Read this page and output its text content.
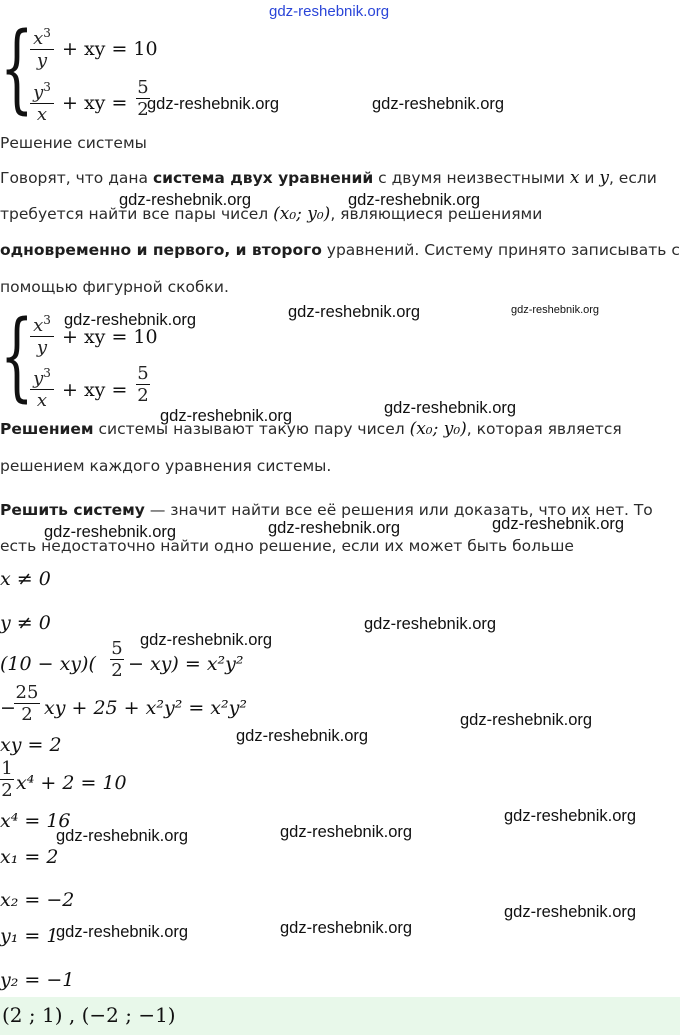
gdz-reshebnik.org
{ $x^3$
y
+ xy = 10
$y^3$
x
+ xy =
5
2
gdz-reshebnik.org	gdz-reshebnik.org
Решение системы
Говорят, что дана система двух уравнений с двумя неизвестными x и y, если
gdz-reshebnik.org	gdz-reshebnik.org
требуется найти все пары чисел (x₀; y₀), являющиеся решениями
одновременно и первого, и второго уравнений. Систему принято записывать с
помощью фигурной скобки.
{ $x^3$
y + xy = 10
$y^3$
x + xy =
5
2
gdz-reshebnik.org	gdz-reshebnik.org	gdz-reshebnik.org
gdz-reshebnik.org	gdz-reshebnik.org
Решением системы называют такую пару чисел (x₀; y₀), которая является
решением каждого уравнения системы.
Решить систему — значит найти все её решения или доказать, что их нет. То
gdz-reshebnik.org	gdz-reshebnik.org	gdz-reshebnik.org
есть недостаточно найти одно решение, если их может быть больше
x ≠ 0
y ≠ 0	gdz-reshebnik.org
gdz-reshebnik.org
(10 − xy)(
5
2 − xy) = x²y²
−
25
2 xy + 25 + x²y² = x²y²
gdz-reshebnik.org
xy = 2	gdz-reshebnik.org
1
2 x⁴ + 2 = 10
x⁴ = 16	gdz-reshebnik.org
gdz-reshebnik.org	gdz-reshebnik.org
x₁ = 2
x₂ = −2
gdz-reshebnik.org
y₁ = 1
gdz-reshebnik.org	gdz-reshebnik.org
y₂ = −1
(2 ; 1) , (−2 ; −1)
